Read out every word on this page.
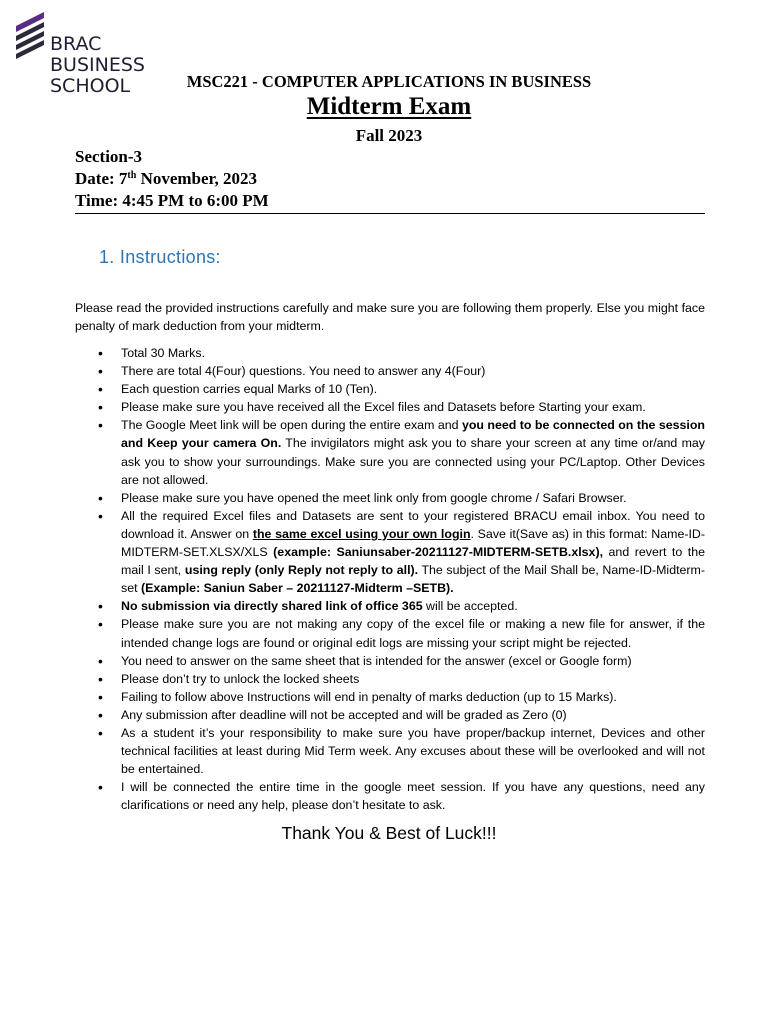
BRAC
BUSINESS
SCHOOL	MSC221 - COMPUTER APPLICATIONS IN BUSINESS
Midterm Exam
Fall 2023
Section-3
Date: 7th November, 2023
Time: 4:45 PM to 6:00 PM
1. Instructions:
Please read the provided instructions carefully and make sure you are following them properly. Else you might face penalty of mark deduction from your midterm.
• Total 30 Marks.
• There are total 4(Four) questions. You need to answer any 4(Four)
• Each question carries equal Marks of 10 (Ten).
• Please make sure you have received all the Excel files and Datasets before Starting your exam.
• The Google Meet link will be open during the entire exam and you need to be connected on the session and Keep your camera On. The invigilators might ask you to share your screen at any time or/and may ask you to show your surroundings. Make sure you are connected using your PC/Laptop. Other Devices are not allowed.
• Please make sure you have opened the meet link only from google chrome / Safari Browser.
• All the required Excel files and Datasets are sent to your registered BRACU email inbox. You need to download it. Answer on the same excel using your own login. Save it(Save as) in this format: Name-ID-MIDTERM-SET.XLSX/XLS (example: Saniunsaber-20211127-MIDTERM-SETB.xlsx), and revert to the mail I sent, using reply (only Reply not reply to all). The subject of the Mail Shall be, Name-ID-Midterm-set (Example: Saniun Saber – 20211127-Midterm –SETB).
• No submission via directly shared link of office 365 will be accepted.
• Please make sure you are not making any copy of the excel file or making a new file for answer, if the intended change logs are found or original edit logs are missing your script might be rejected.
• You need to answer on the same sheet that is intended for the answer (excel or Google form)
• Please don’t try to unlock the locked sheets
• Failing to follow above Instructions will end in penalty of marks deduction (up to 15 Marks).
• Any submission after deadline will not be accepted and will be graded as Zero (0)
• As a student it’s your responsibility to make sure you have proper/backup internet, Devices and other technical facilities at least during Mid Term week. Any excuses about these will be overlooked and will not be entertained.
• I will be connected the entire time in the google meet session. If you have any questions, need any clarifications or need any help, please don’t hesitate to ask.
Thank You & Best of Luck!!!
